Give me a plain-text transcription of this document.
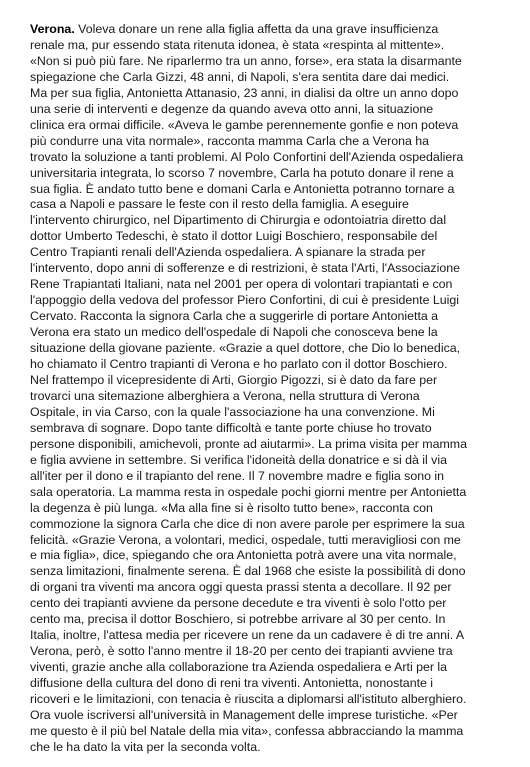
Verona. Voleva donare un rene alla figlia affetta da una grave insufficienza
renale ma, pur essendo stata ritenuta idonea, è stata «respinta al mittente».
«Non si può più fare. Ne riparlermo tra un anno, forse», era stata la disarmante
spiegazione che Carla Gizzi, 48 anni, di Napoli, s'era sentita dare dai medici.
Ma per sua figlia, Antonietta Attanasio, 23 anni, in dialisi da oltre un anno dopo
una serie di interventi e degenze da quando aveva otto anni, la situazione
clinica era ormai difficile. «Aveva le gambe perennemente gonfie e non poteva
più condurre una vita normale», racconta mamma Carla che a Verona ha
trovato la soluzione a tanti problemi. Al Polo Confortini dell'Azienda ospedaliera
universitaria integrata, lo scorso 7 novembre, Carla ha potuto donare il rene a
sua figlia. È andato tutto bene e domani Carla e Antonietta potranno tornare a
casa a Napoli e passare le feste con il resto della famiglia. A eseguire
l'intervento chirurgico, nel Dipartimento di Chirurgia e odontoiatria diretto dal
dottor Umberto Tedeschi, è stato il dottor Luigi Boschiero, responsabile del
Centro Trapianti renali dell'Azienda ospedaliera. A spianare la strada per
l'intervento, dopo anni di sofferenze e di restrizioni, è stata l'Arti, l'Associazione
Rene Trapiantati Italiani, nata nel 2001 per opera di volontari trapiantati e con
l'appoggio della vedova del professor Piero Confortini, di cui è presidente Luigi
Cervato. Racconta la signora Carla che a suggerirle di portare Antonietta a
Verona era stato un medico dell'ospedale di Napoli che conosceva bene la
situazione della giovane paziente. «Grazie a quel dottore, che Dio lo benedica,
ho chiamato il Centro trapianti di Verona e ho parlato con il dottor Boschiero.
Nel frattempo il vicepresidente di Arti, Giorgio Pigozzi, si è dato da fare per
trovarci una sitemazione alberghiera a Verona, nella struttura di Verona
Ospitale, in via Carso, con la quale l'associazione ha una convenzione. Mi
sembrava di sognare. Dopo tante difficoltà e tante porte chiuse ho trovato
persone disponibili, amichevoli, pronte ad aiutarmi». La prima visita per mamma
e figlia avviene in settembre. Si verifica l'idoneità della donatrice e si dà il via
all'iter per il dono e il trapianto del rene. Il 7 novembre madre e figlia sono in
sala operatoria. La mamma resta in ospedale pochi giorni mentre per Antonietta
la degenza è più lunga. «Ma alla fine si è risolto tutto bene», racconta con
commozione la signora Carla che dice di non avere parole per esprimere la sua
felicità. «Grazie Verona, a volontari, medici, ospedale, tutti meravigliosi con me
e mia figlia», dice, spiegando che ora Antonietta potrà avere una vita normale,
senza limitazioni, finalmente serena. È dal 1968 che esiste la possibilità di dono
di organi tra viventi ma ancora oggi questa prassi stenta a decollare. Il 92 per
cento dei trapianti avviene da persone decedute e tra viventi è solo l'otto per
cento ma, precisa il dottor Boschiero, si potrebbe arrivare al 30 per cento. In
Italia, inoltre, l'attesa media per ricevere un rene da un cadavere è di tre anni. A
Verona, però, è sotto l'anno mentre il 18-20 per cento dei trapianti avviene tra
viventi, grazie anche alla collaborazione tra Azienda ospedaliera e Arti per la
diffusione della cultura del dono di reni tra viventi. Antonietta, nonostante i
ricoveri e le limitazioni, con tenacia è riuscita a diplomarsi all'istituto alberghiero.
Ora vuole iscriversi all'università in Management delle imprese turistiche. «Per
me questo è il più bel Natale della mia vita», confessa abbracciando la mamma
che le ha dato la vita per la seconda volta.
